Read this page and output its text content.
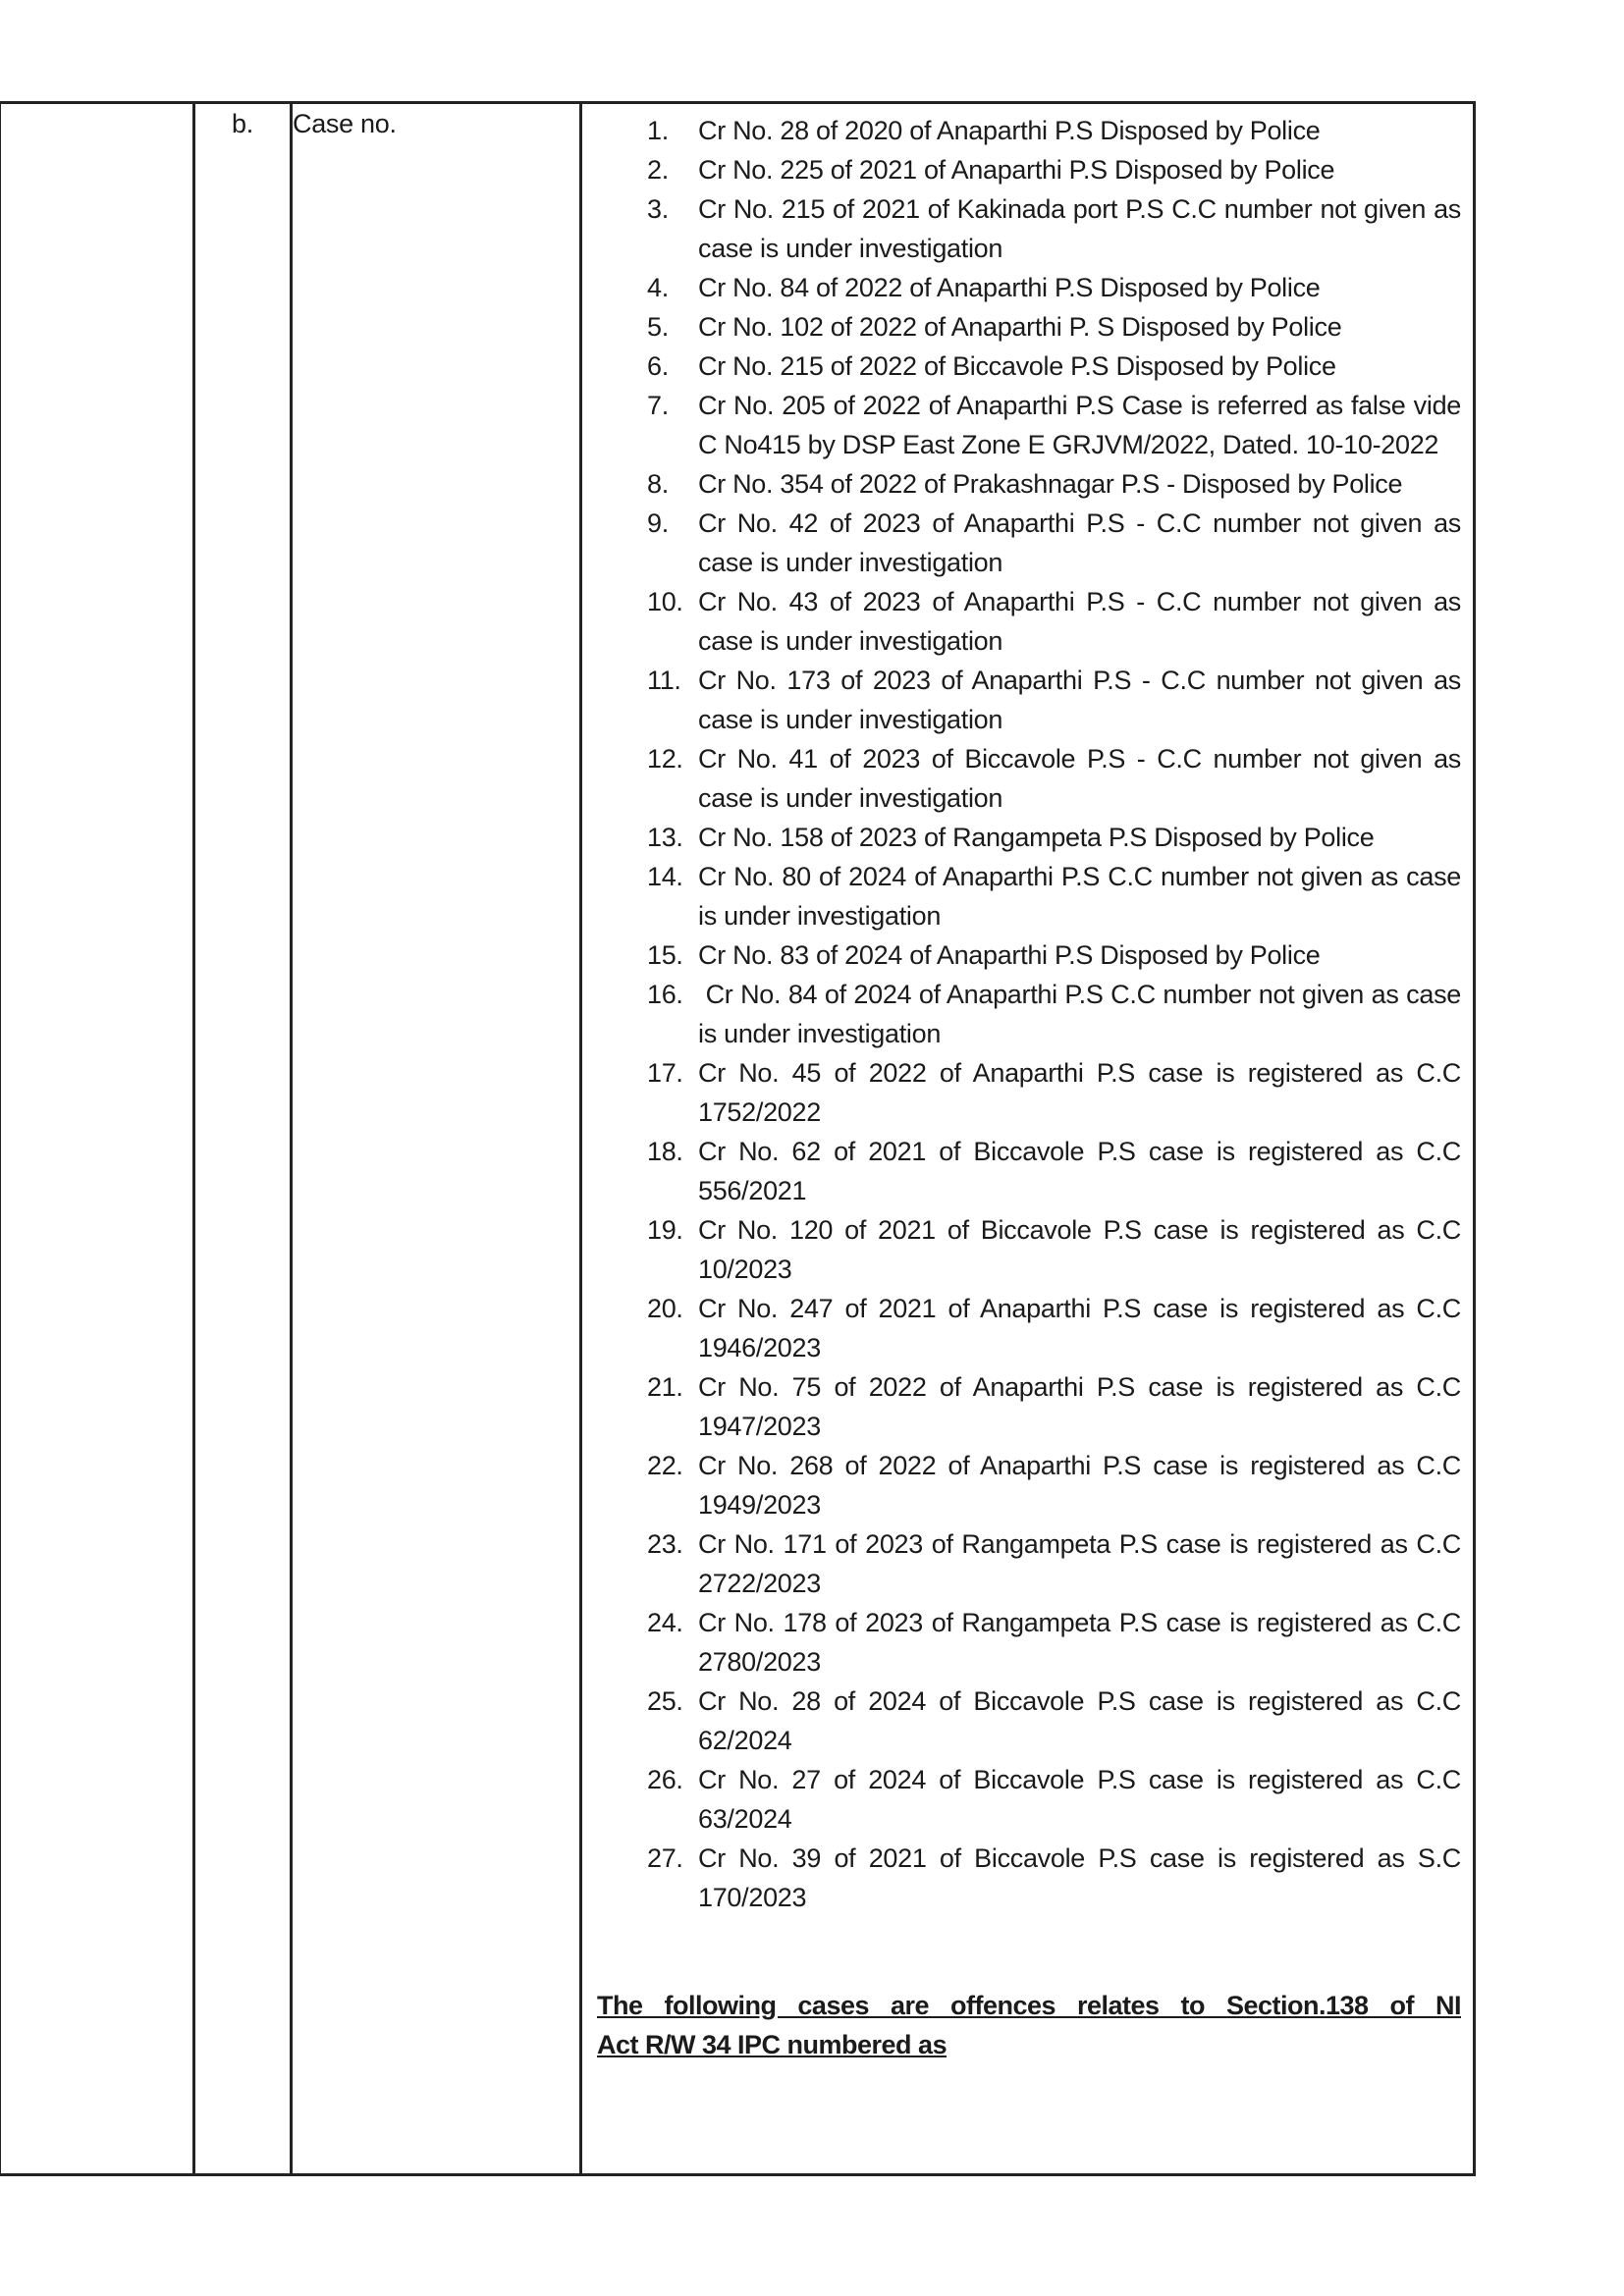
	b.	Case no.	1. Cr No. 28 of 2020 of Anaparthi P.S Disposed by Police
2. Cr No. 225 of 2021 of Anaparthi P.S Disposed by Police
3. Cr No. 215 of 2021 of Kakinada port P.S C.C number not given as case is under investigation
4. Cr No. 84 of 2022 of Anaparthi P.S Disposed by Police
5. Cr No. 102 of 2022 of Anaparthi P. S Disposed by Police
6. Cr No. 215 of 2022 of Biccavole P.S Disposed by Police
7. Cr No. 205 of 2022 of Anaparthi P.S Case is referred as false vide C No415 by DSP East Zone E GRJVM/2022, Dated. 10-10-2022
8. Cr No. 354 of 2022 of Prakashnagar P.S - Disposed by Police
9. Cr No. 42 of 2023 of Anaparthi P.S - C.C number not given as case is under investigation
10. Cr No. 43 of 2023 of Anaparthi P.S - C.C number not given as case is under investigation
11. Cr No. 173 of 2023 of Anaparthi P.S - C.C number not given as case is under investigation
12. Cr No. 41 of 2023 of Biccavole P.S - C.C number not given as case is under investigation
13. Cr No. 158 of 2023 of Rangampeta P.S Disposed by Police
14. Cr No. 80 of 2024 of Anaparthi P.S C.C number not given as case is under investigation
15. Cr No. 83 of 2024 of Anaparthi P.S Disposed by Police
16. Cr No. 84 of 2024 of Anaparthi P.S C.C number not given as case is under investigation
17. Cr No. 45 of 2022 of Anaparthi P.S case is registered as C.C 1752/2022
18. Cr No. 62 of 2021 of Biccavole P.S case is registered as C.C 556/2021
19. Cr No. 120 of 2021 of Biccavole P.S case is registered as C.C 10/2023
20. Cr No. 247 of 2021 of Anaparthi P.S case is registered as C.C 1946/2023
21. Cr No. 75 of 2022 of Anaparthi P.S case is registered as C.C 1947/2023
22. Cr No. 268 of 2022 of Anaparthi P.S case is registered as C.C 1949/2023
23. Cr No. 171 of 2023 of Rangampeta P.S case is registered as C.C 2722/2023
24. Cr No. 178 of 2023 of Rangampeta P.S case is registered as C.C 2780/2023
25. Cr No. 28 of 2024 of Biccavole P.S case is registered as C.C 62/2024
26. Cr No. 27 of 2024 of Biccavole P.S case is registered as C.C 63/2024
27. Cr No. 39 of 2021 of Biccavole P.S case is registered as S.C 170/2023
The following cases are offences relates to Section.138 of NI
Act R/W 34 IPC numbered as
